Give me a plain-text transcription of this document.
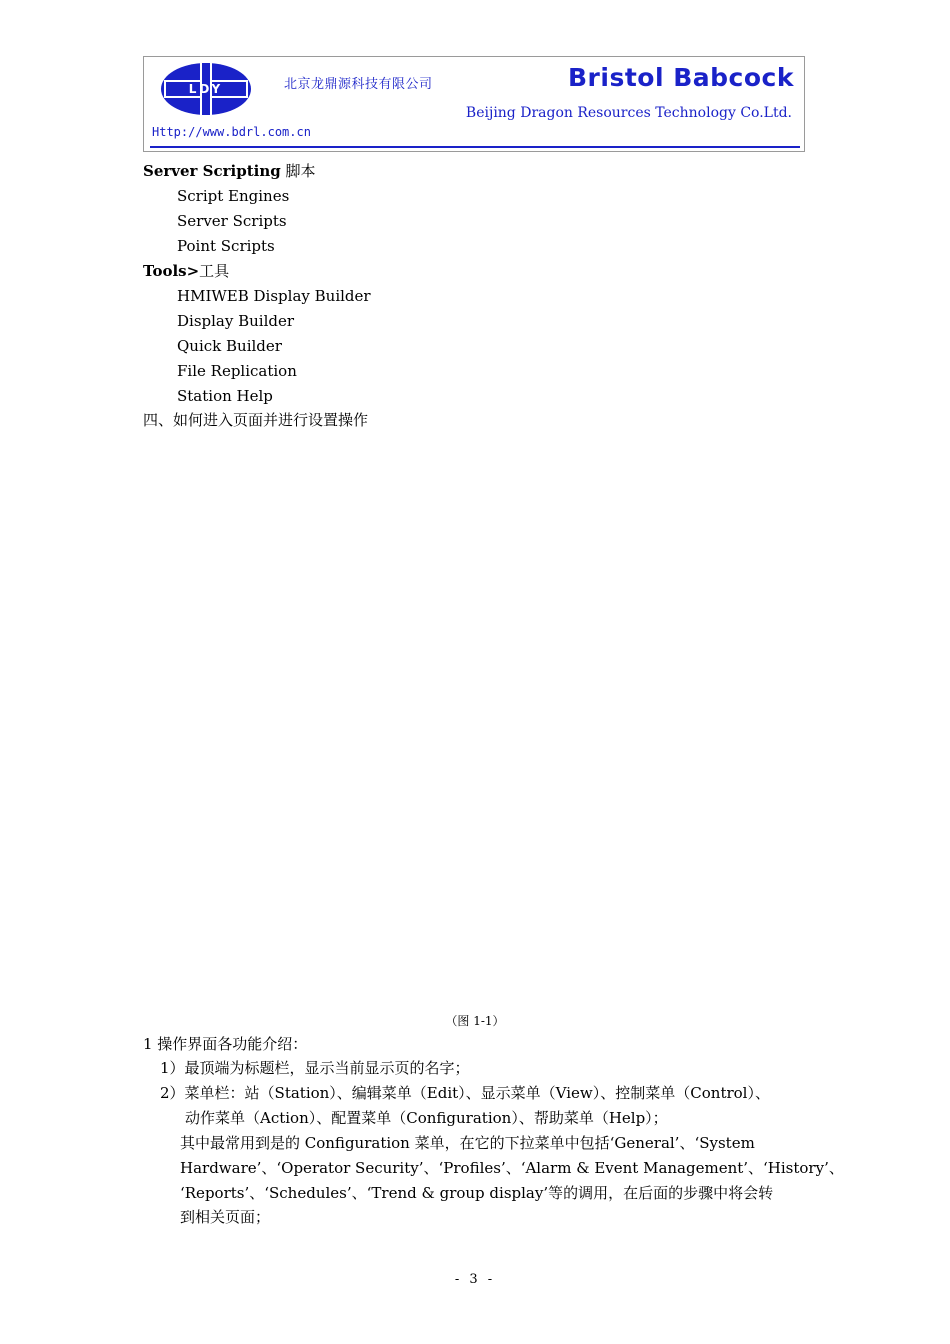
LDY	北京龙鼎源科技有限公司
Http://www.bdrl.com.cn
Bristol Babcock
Beijing Dragon Resources Technology Co.Ltd.
Server Scripting 脚本
Script Engines
Server Scripts
Point Scripts
Tools>工具
HMIWEB Display Builder
Display Builder
Quick Builder
File Replication
Station Help
四、如何进入页面并进行设置操作
（图 1-1）
1 操作界面各功能介绍：
1）最顶端为标题栏，显示当前显示页的名字；
2）菜单栏：站（Station）、编辑菜单（Edit）、显示菜单（View）、控制菜单（Control）、
动作菜单（Action）、配置菜单（Configuration）、帮助菜单（Help）；
其中最常用到是的 Configuration 菜单，在它的下拉菜单中包括‘General’、‘System
Hardware’、‘Operator Security’、‘Profiles’、‘Alarm & Event Management’、‘History’、
‘Reports’、‘Schedules’、‘Trend & group display’等的调用，在后面的步骤中将会转
到相关页面；
- 3 -
